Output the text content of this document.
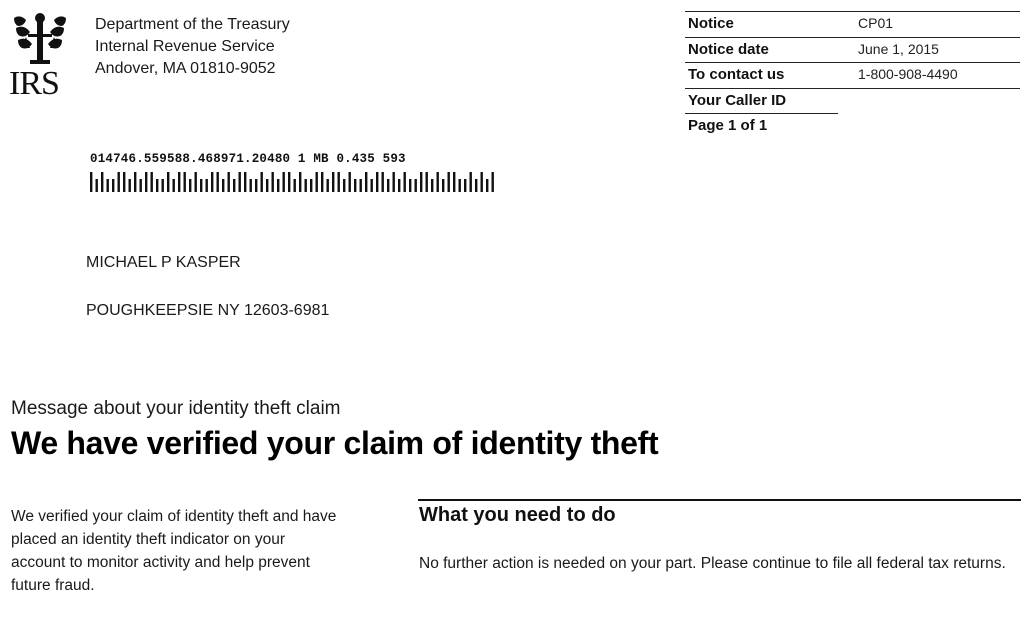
IRS
Department of the Treasury
Internal Revenue Service
Andover, MA 01810-9052
Notice	CP01
Notice date	June 1, 2015
To contact us	1-800-908-4490
Your Caller ID
Page 1 of 1
014746.559588.468971.20480 1 MB 0.435 593
MICHAEL P KASPER
POUGHKEEPSIE NY 12603-6981
Message about your identity theft claim
We have verified your claim of identity theft
We verified your claim of identity theft and have placed an identity theft indicator on your account to monitor activity and help prevent future fraud.
What you need to do
No further action is needed on your part. Please continue to file all federal tax returns.
